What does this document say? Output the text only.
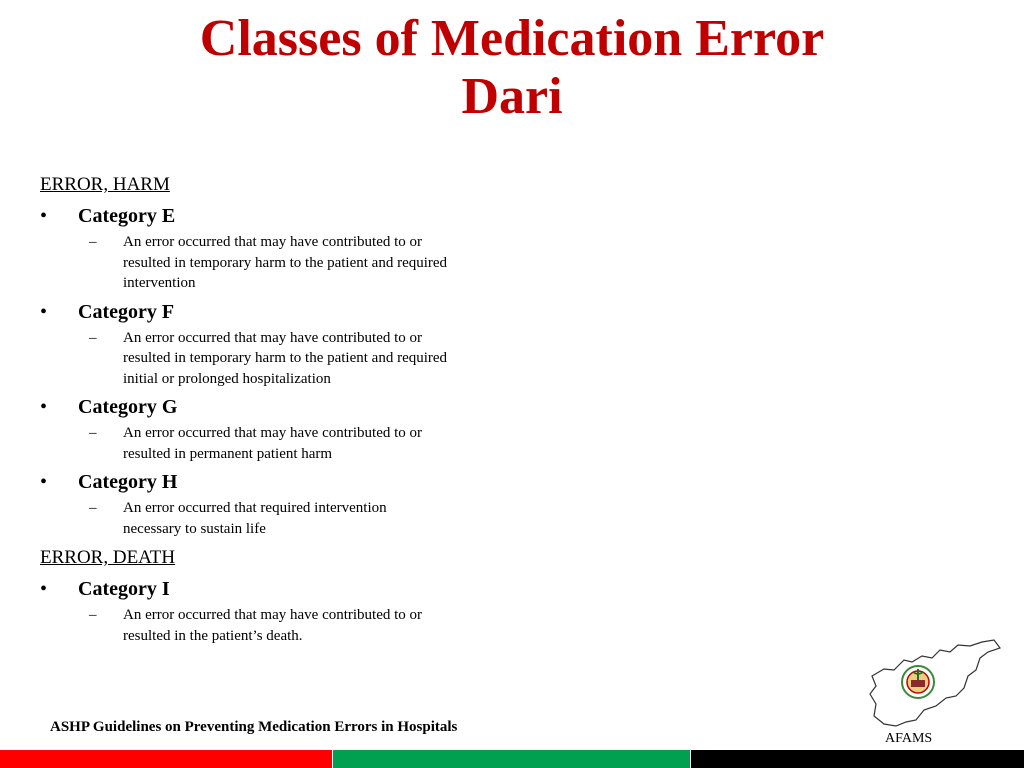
Classes of Medication Error
Dari
ERROR, HARM
• Category E
– An error occurred that may have contributed to or
resulted in temporary harm to the patient and required
intervention
• Category F
– An error occurred that may have contributed to or
resulted in temporary harm to the patient and required
initial or prolonged hospitalization
• Category G
– An error occurred that may have contributed to or
resulted in permanent patient harm
• Category H
– An error occurred that required intervention
necessary to sustain life
ERROR, DEATH
• Category I
– An error occurred that may have contributed to or
resulted in the patient’s death.
ASHP Guidelines on Preventing Medication Errors in Hospitals
AFAMS
